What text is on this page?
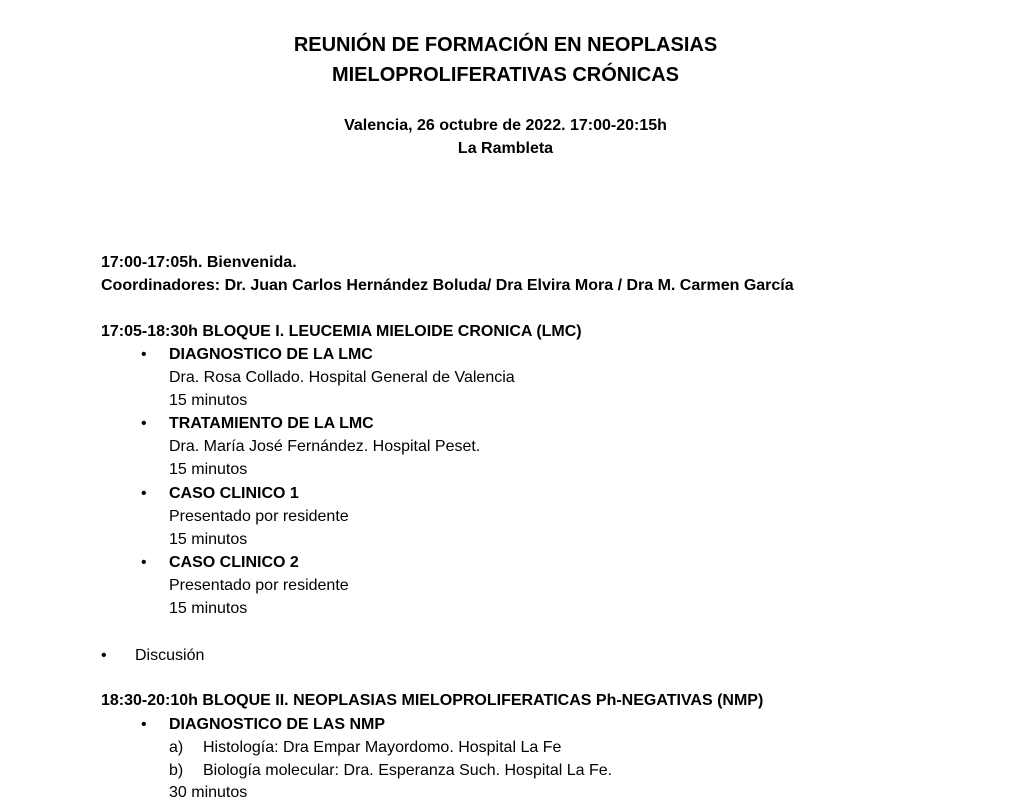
REUNIÓN DE FORMACIÓN EN NEOPLASIAS
MIELOPROLIFERATIVAS CRÓNICAS
Valencia, 26 octubre de 2022. 17:00-20:15h
La Rambleta
17:00-17:05h. Bienvenida.
Coordinadores: Dr. Juan Carlos Hernández Boluda/ Dra Elvira Mora / Dra M. Carmen García
17:05-18:30h BLOQUE I. LEUCEMIA MIELOIDE CRONICA (LMC)
• DIAGNOSTICO DE LA LMC
Dra. Rosa Collado. Hospital General de Valencia
15 minutos
• TRATAMIENTO DE LA LMC
Dra. María José Fernández. Hospital Peset.
15 minutos
• CASO CLINICO 1
Presentado por residente
15 minutos
• CASO CLINICO 2
Presentado por residente
15 minutos
• Discusión
18:30-20:10h BLOQUE II. NEOPLASIAS MIELOPROLIFERATICAS Ph-NEGATIVAS (NMP)
• DIAGNOSTICO DE LAS NMP
a) Histología: Dra Empar Mayordomo. Hospital La Fe
b) Biología molecular: Dra. Esperanza Such. Hospital La Fe.
30 minutos
